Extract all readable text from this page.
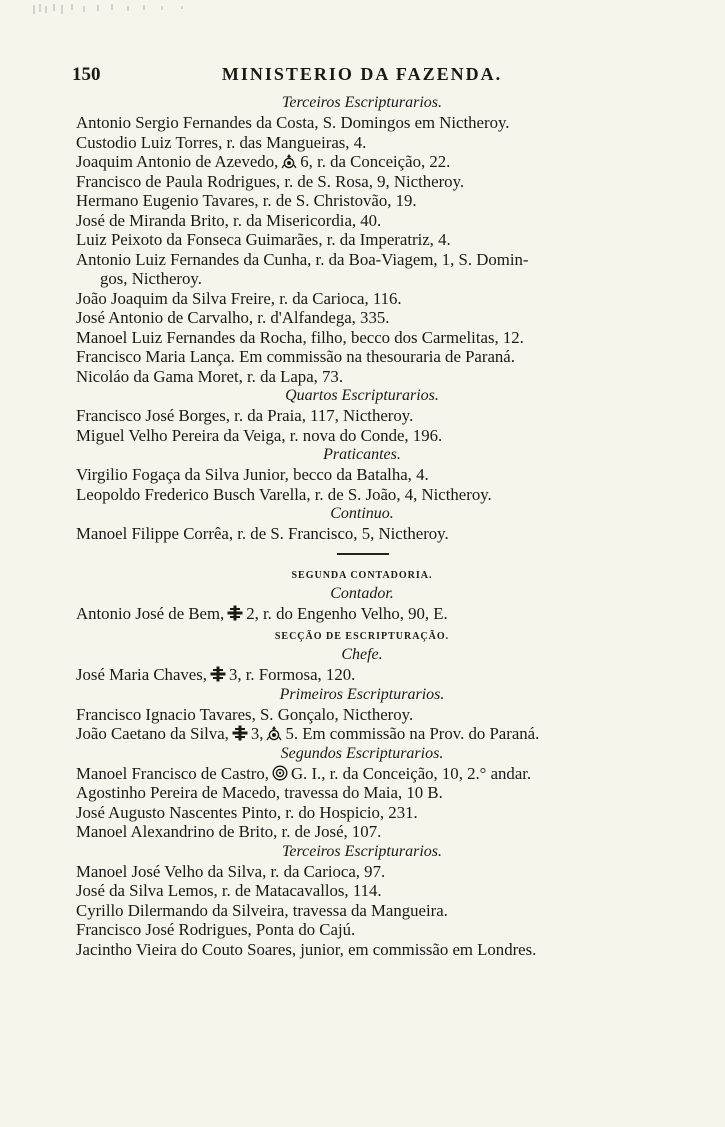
150	MINISTERIO DA FAZENDA.
Terceiros Escripturarios.
Antonio Sergio Fernandes da Costa, S. Domingos em Nictheroy.
Custodio Luiz Torres, r. das Mangueiras, 4.
Joaquim Antonio de Azevedo, 6, r. da Conceição, 22.
Francisco de Paula Rodrigues, r. de S. Rosa, 9, Nictheroy.
Hermano Eugenio Tavares, r. de S. Christovão, 19.
José de Miranda Brito, r. da Misericordia, 40.
Luiz Peixoto da Fonseca Guimarães, r. da Imperatriz, 4.
Antonio Luiz Fernandes da Cunha, r. da Boa-Viagem, 1, S. Domin-
gos, Nictheroy.
João Joaquim da Silva Freire, r. da Carioca, 116.
José Antonio de Carvalho, r. d'Alfandega, 335.
Manoel Luiz Fernandes da Rocha, filho, becco dos Carmelitas, 12.
Francisco Maria Lança. Em commissão na thesouraria de Paraná.
Nicoláo da Gama Moret, r. da Lapa, 73.
Quartos Escripturarios.
Francisco José Borges, r. da Praia, 117, Nictheroy.
Miguel Velho Pereira da Veiga, r. nova do Conde, 196.
Praticantes.
Virgilio Fogaça da Silva Junior, becco da Batalha, 4.
Leopoldo Frederico Busch Varella, r. de S. João, 4, Nictheroy.
Continuo.
Manoel Filippe Corrêa, r. de S. Francisco, 5, Nictheroy.
SEGUNDA CONTADORIA.
Contador.
Antonio José de Bem, 2, r. do Engenho Velho, 90, E.
SECÇÃO DE ESCRIPTURAÇÃO.
Chefe.
José Maria Chaves, 3, r. Formosa, 120.
Primeiros Escripturarios.
Francisco Ignacio Tavares, S. Gonçalo, Nictheroy.
João Caetano da Silva, 3, 5. Em commissão na Prov. do Paraná.
Segundos Escripturarios.
Manoel Francisco de Castro, G. I., r. da Conceição, 10, 2.° andar.
Agostinho Pereira de Macedo, travessa do Maia, 10 B.
José Augusto Nascentes Pinto, r. do Hospicio, 231.
Manoel Alexandrino de Brito, r. de José, 107.
Terceiros Escripturarios.
Manoel José Velho da Silva, r. da Carioca, 97.
José da Silva Lemos, r. de Matacavallos, 114.
Cyrillo Dilermando da Silveira, travessa da Mangueira.
Francisco José Rodrigues, Ponta do Cajú.
Jacintho Vieira do Couto Soares, junior, em commissão em Londres.
